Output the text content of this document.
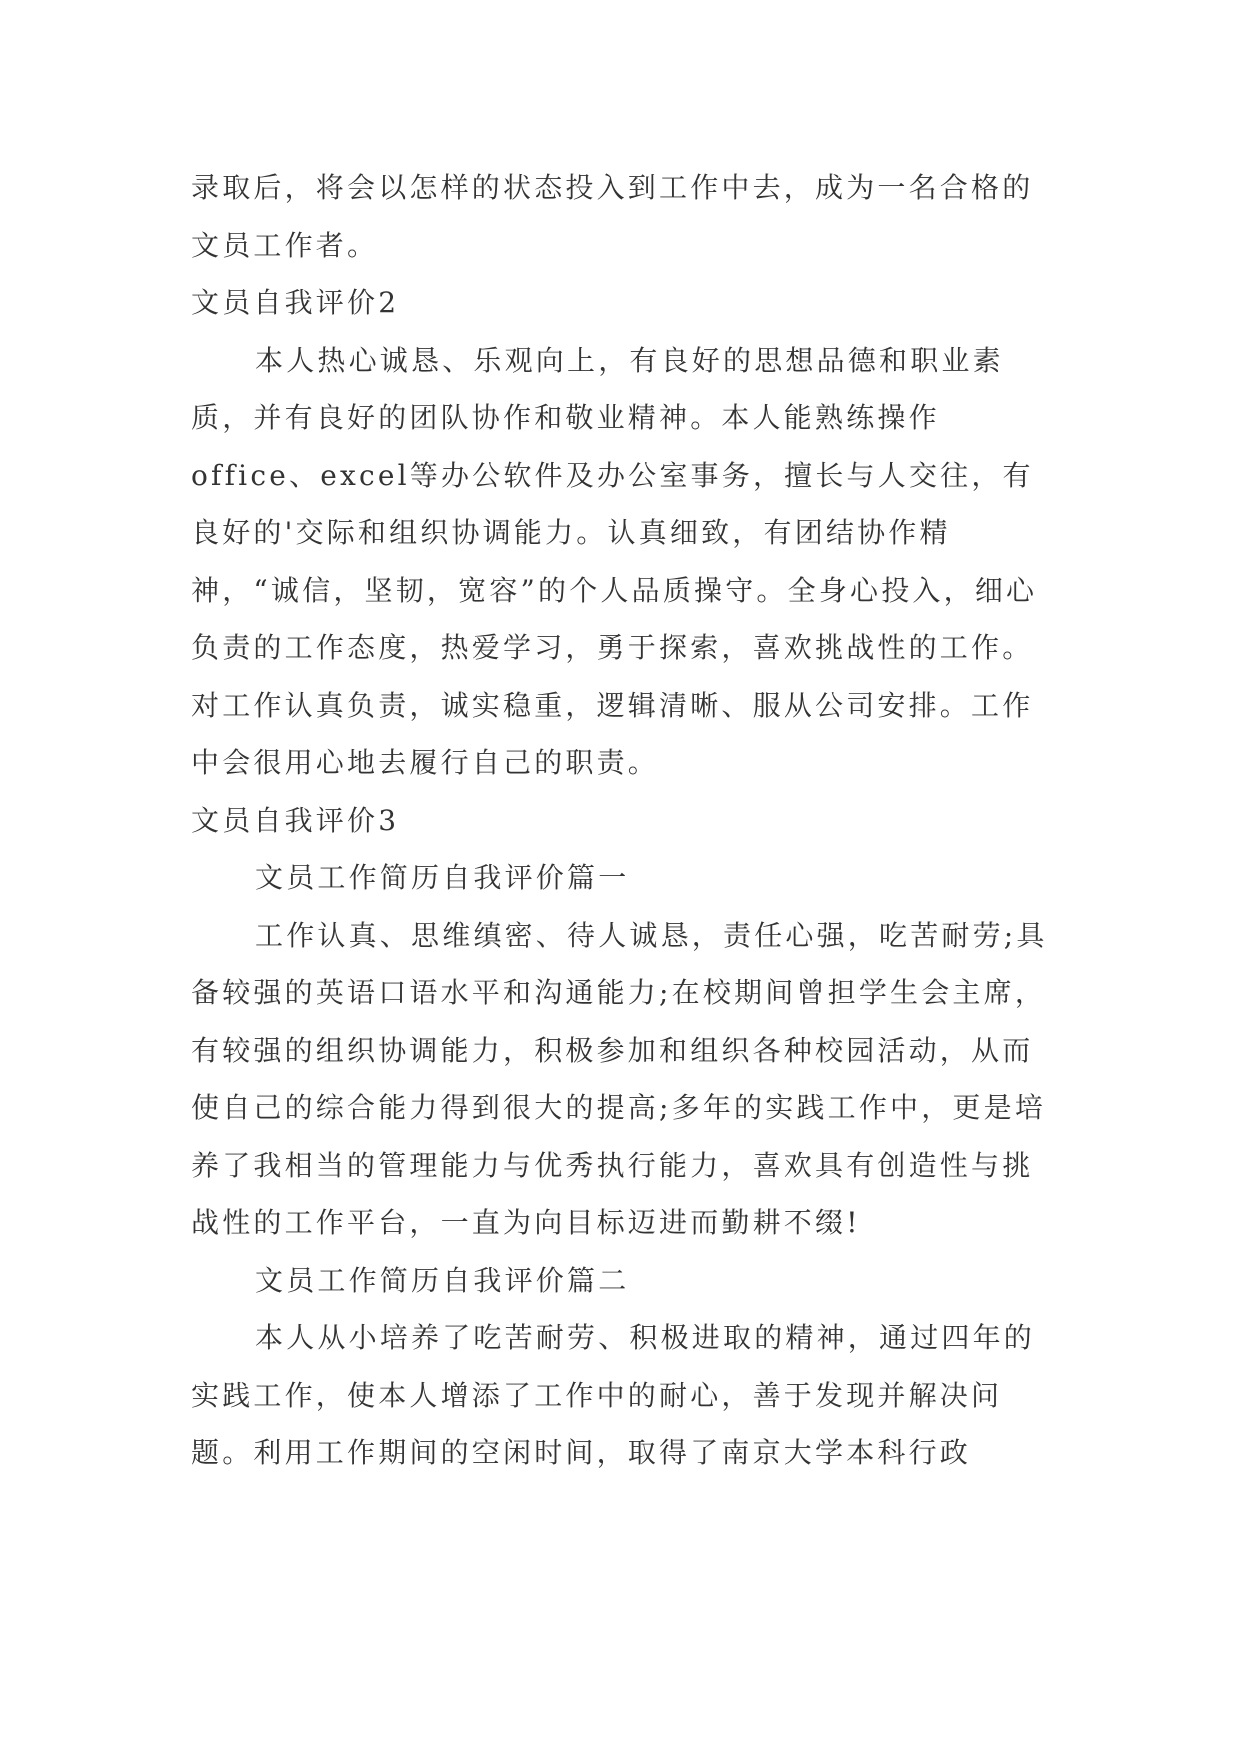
录取后，将会以怎样的状态投入到工作中去，成为一名合格的文员工作者。

文员自我评价2

本人热心诚恳、乐观向上，有良好的思想品德和职业素质，并有良好的团队协作和敬业精神。本人能熟练操作office、excel等办公软件及办公室事务，擅长与人交往，有良好的'交际和组织协调能力。认真细致，有团结协作精神，“诚信，坚韧，宽容”的个人品质操守。全身心投入，细心负责的工作态度，热爱学习，勇于探索，喜欢挑战性的工作。对工作认真负责，诚实稳重，逻辑清晰、服从公司安排。工作中会很用心地去履行自己的职责。

文员自我评价3

文员工作简历自我评价篇一

工作认真、思维缜密、待人诚恳，责任心强，吃苦耐劳;具备较强的英语口语水平和沟通能力;在校期间曾担学生会主席，有较强的组织协调能力，积极参加和组织各种校园活动，从而使自己的综合能力得到很大的提高;多年的实践工作中，更是培养了我相当的管理能力与优秀执行能力，喜欢具有创造性与挑战性的工作平台，一直为向目标迈进而勤耕不缀!

文员工作简历自我评价篇二

本人从小培养了吃苦耐劳、积极进取的精神，通过四年的实践工作，使本人增添了工作中的耐心，善于发现并解决问题。利用工作期间的空闲时间，取得了南京大学本科行政
